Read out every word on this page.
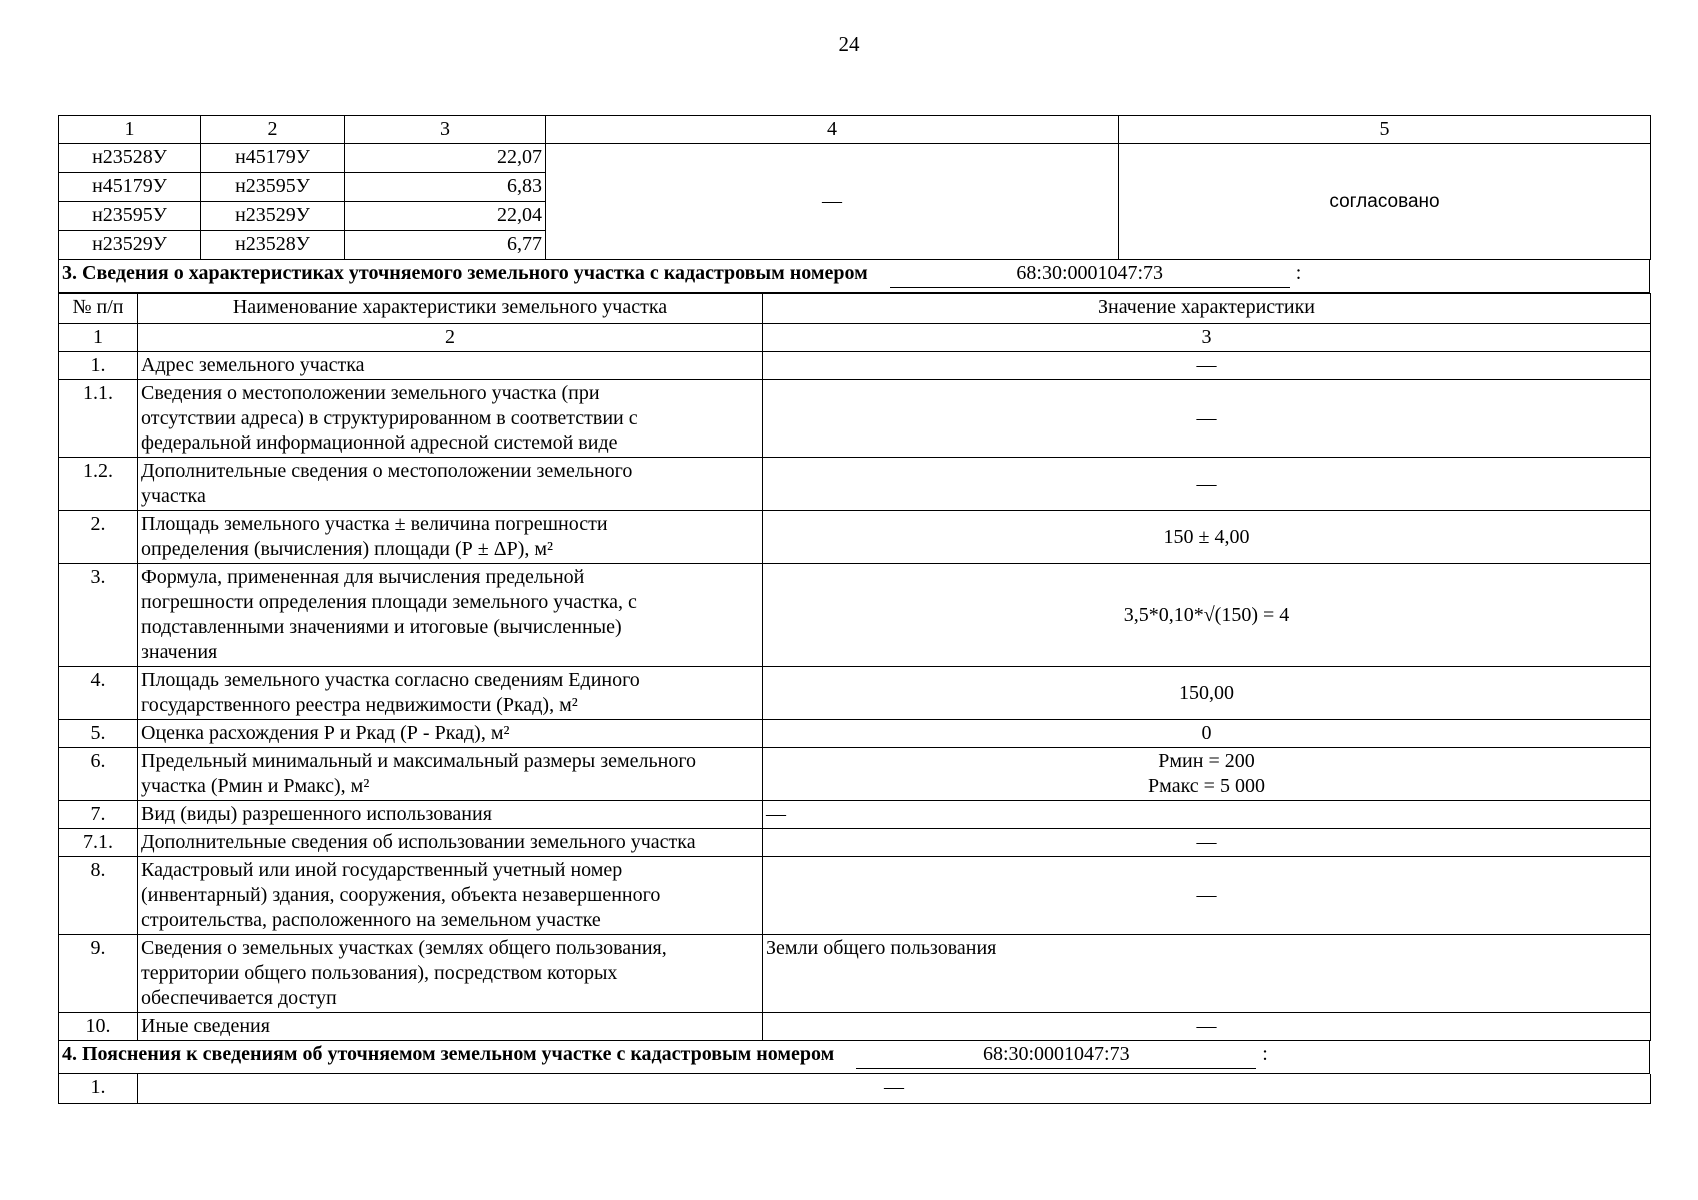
24
1	2	3	4	5
н23528У	н45179У	22,07	—	согласовано
н45179У	н23595У	6,83		
н23595У	н23529У	22,04		
н23529У	н23528У	6,77		
3. Сведения о характеристиках уточняемого земельного участка с кадастровым номером	68:30:0001047:73	:
№ п/п	Наименование характеристики земельного участка	Значение характеристики
1	2	3
1.	Адрес земельного участка	—

1.1.	Сведения о местоположении земельного участка (при
отсутствии адреса) в структурированном в соответствии с
федеральной информационной адресной системой виде	—

1.2.	Дополнительные сведения о местоположении земельного
участка	—

2.	Площадь земельного участка ± величина погрешности
определения (вычисления) площади (Р ± ΔР), м²	150 ± 4,00

3.	Формула, примененная для вычисления предельной
погрешности определения площади земельного участка, с
подставленными значениями и итоговые (вычисленные)
значения	3,5*0,10*√(150) = 4

4.	Площадь земельного участка согласно сведениям Единого
государственного реестра недвижимости (Ркад), м²	150,00

5.	Оценка расхождения Р и Ркад (Р - Ркад), м²	0

6.	Предельный минимальный и максимальный размеры земельного
участка (Рмин и Рмакс), м²	Рмин = 200
Рмакс = 5 000

7.	Вид (виды) разрешенного использования	—

7.1.	Дополнительные сведения об использовании земельного участка	—

8.	Кадастровый или иной государственный учетный номер
(инвентарный) здания, сооружения, объекта незавершенного
строительства, расположенного на земельном участке	—

9.	Сведения о земельных участках (землях общего пользования,
территории общего пользования), посредством которых
обеспечивается доступ	Земли общего пользования

10.	Иные сведения	—
4. Пояснения к сведениям об уточняемом земельном участке с кадастровым номером	68:30:0001047:73	:
1.	—
